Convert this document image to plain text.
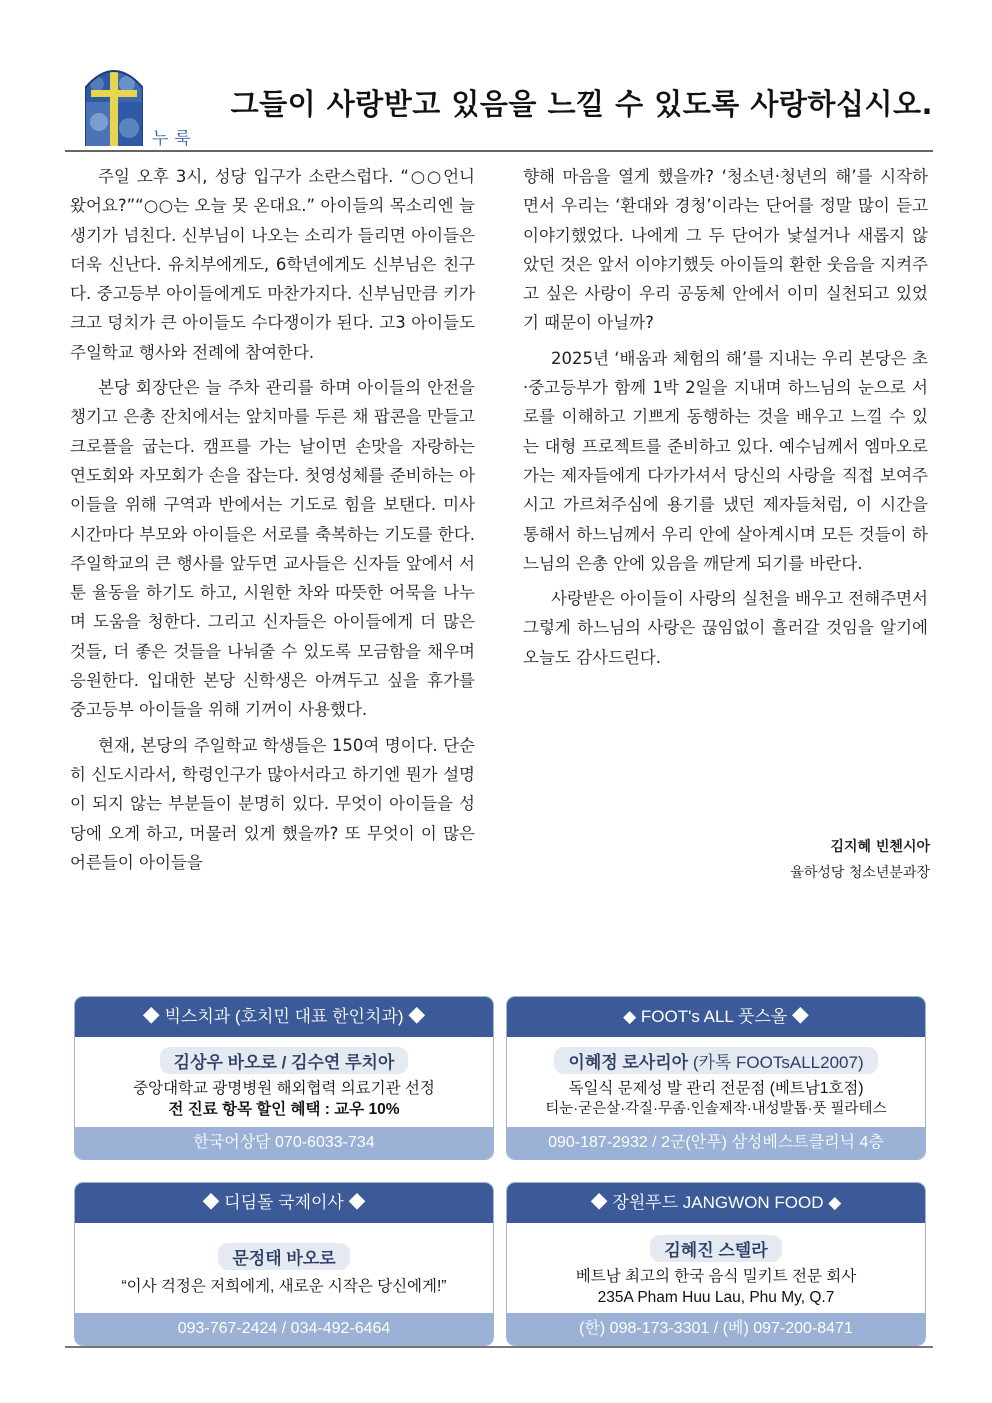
누룩
그들이 사랑받고 있음을 느낄 수 있도록 사랑하십시오.

주일 오후 3시, 성당 입구가 소란스럽다. “○○언니 왔어요?”“○○는 오늘 못 온대요.” 아이들의 목소리엔 늘 생기가 넘친다. 신부님이 나오는 소리가 들리면 아이들은 더욱 신난다. 유치부에게도, 6학년에게도 신부님은 친구다. 중고등부 아이들에게도 마찬가지다. 신부님만큼 키가 크고 덩치가 큰 아이들도 수다쟁이가 된다. 고3 아이들도 주일학교 행사와 전례에 참여한다.

본당 회장단은 늘 주차 관리를 하며 아이들의 안전을 챙기고 은총 잔치에서는 앞치마를 두른 채 팝콘을 만들고 크로플을 굽는다. 캠프를 가는 날이면 손맛을 자랑하는 연도회와 자모회가 손을 잡는다. 첫영성체를 준비하는 아이들을 위해 구역과 반에서는 기도로 힘을 보탠다. 미사 시간마다 부모와 아이들은 서로를 축복하는 기도를 한다. 주일학교의 큰 행사를 앞두면 교사들은 신자들 앞에서 서툰 율동을 하기도 하고, 시원한 차와 따뜻한 어묵을 나누며 도움을 청한다. 그리고 신자들은 아이들에게 더 많은 것들, 더 좋은 것들을 나눠줄 수 있도록 모금함을 채우며 응원한다. 입대한 본당 신학생은 아껴두고 싶을 휴가를 중고등부 아이들을 위해 기꺼이 사용했다.

현재, 본당의 주일학교 학생들은 150여 명이다. 단순히 신도시라서, 학령인구가 많아서라고 하기엔 뭔가 설명이 되지 않는 부분들이 분명히 있다. 무엇이 아이들을 성당에 오게 하고, 머물러 있게 했을까? 또 무엇이 이 많은 어른들이 아이들을

향해 마음을 열게 했을까? ‘청소년·청년의 해’를 시작하면서 우리는 ‘환대와 경청’이라는 단어를 정말 많이 듣고 이야기했었다. 나에게 그 두 단어가 낯설거나 새롭지 않았던 것은 앞서 이야기했듯 아이들의 환한 웃음을 지켜주고 싶은 사랑이 우리 공동체 안에서 이미 실천되고 있었기 때문이 아닐까?

2025년 ‘배움과 체험의 해’를 지내는 우리 본당은 초·중고등부가 함께 1박 2일을 지내며 하느님의 눈으로 서로를 이해하고 기쁘게 동행하는 것을 배우고 느낄 수 있는 대형 프로젝트를 준비하고 있다. 예수님께서 엠마오로 가는 제자들에게 다가가셔서 당신의 사랑을 직접 보여주시고 가르쳐주심에 용기를 냈던 제자들처럼, 이 시간을 통해서 하느님께서 우리 안에 살아계시며 모든 것들이 하느님의 은총 안에 있음을 깨닫게 되기를 바란다.

사랑받은 아이들이 사랑의 실천을 배우고 전해주면서 그렇게 하느님의 사랑은 끊임없이 흘러갈 것임을 알기에 오늘도 감사드린다.

김지혜 빈첸시아
율하성당 청소년분과장
◆ 빅스치과 (호치민 대표 한인치과) ◆
김상우 바오로 / 김수연 루치아
중앙대학교 광명병원 해외협력 의료기관 선정
전 진료 항목 할인 혜택 : 교우 10%
한국어상담 070-6033-734
◆ FOOT's ALL 풋스올 ◆
이혜정 로사리아 (카톡 FOOTsALL2007)
독일식 문제성 발 관리 전문점 (베트남1호점)
티눈·굳은살·각질·무좀·인솔제작·내성발톱·풋 필라테스
090-187-2932 / 2군(안푸) 삼성베스트클리닉 4층
◆ 디딤돌 국제이사 ◆
문정태 바오로
“이사 걱정은 저희에게, 새로운 시작은 당신에게!”
093-767-2424 / 034-492-6464
◆ 장원푸드 JANGWON FOOD ◆
김혜진 스텔라
베트남 최고의 한국 음식 밀키트 전문 회사
235A Pham Huu Lau, Phu My, Q.7
(한) 098-173-3301 / (베) 097-200-8471
